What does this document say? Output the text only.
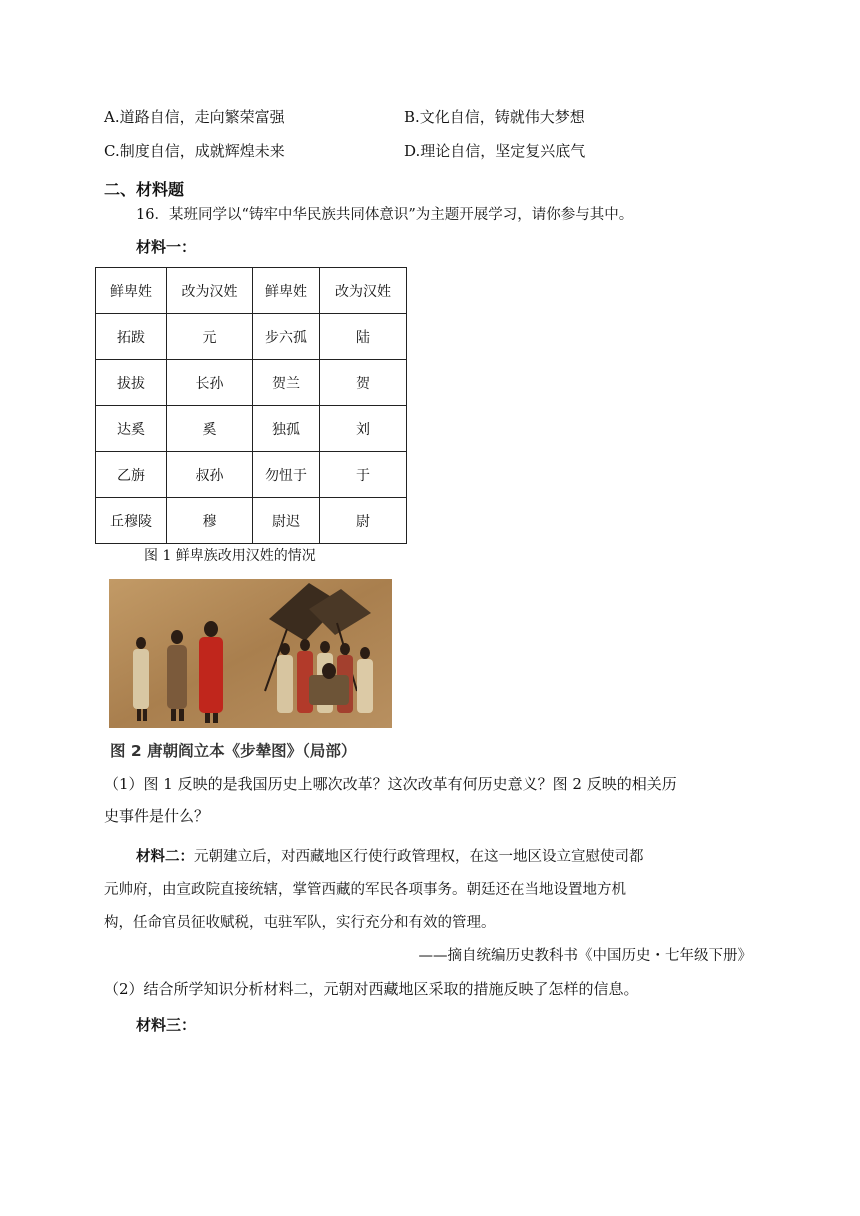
A.道路自信，走向繁荣富强	B.文化自信，铸就伟大梦想
C.制度自信，成就辉煌未来	D.理论自信，坚定复兴底气
二、材料题
16．某班同学以“铸牢中华民族共同体意识”为主题开展学习，请你参与其中。
材料一：
鲜卑姓	改为汉姓	鲜卑姓	改为汉姓
拓跋	元	步六孤	陆
拔拔	长孙	贺兰	贺
达奚	奚	独孤	刘
乙旃	叔孙	勿忸于	于
丘穆陵	穆	尉迟	尉
图 1 鲜卑族改用汉姓的情况
图 2 唐朝阎立本《步辇图》（局部）
（1）图 1 反映的是我国历史上哪次改革？这次改革有何历史意义？图 2 反映的相关历
史事件是什么？
材料二：元朝建立后，对西藏地区行使行政管理权，在这一地区设立宣慰使司都
元帅府，由宣政院直接统辖，掌管西藏的军民各项事务。朝廷还在当地设置地方机
构，任命官员征收赋税，屯驻军队，实行充分和有效的管理。
——摘自统编历史教科书《中国历史・七年级下册》
（2）结合所学知识分析材料二，元朝对西藏地区采取的措施反映了怎样的信息。
材料三：
